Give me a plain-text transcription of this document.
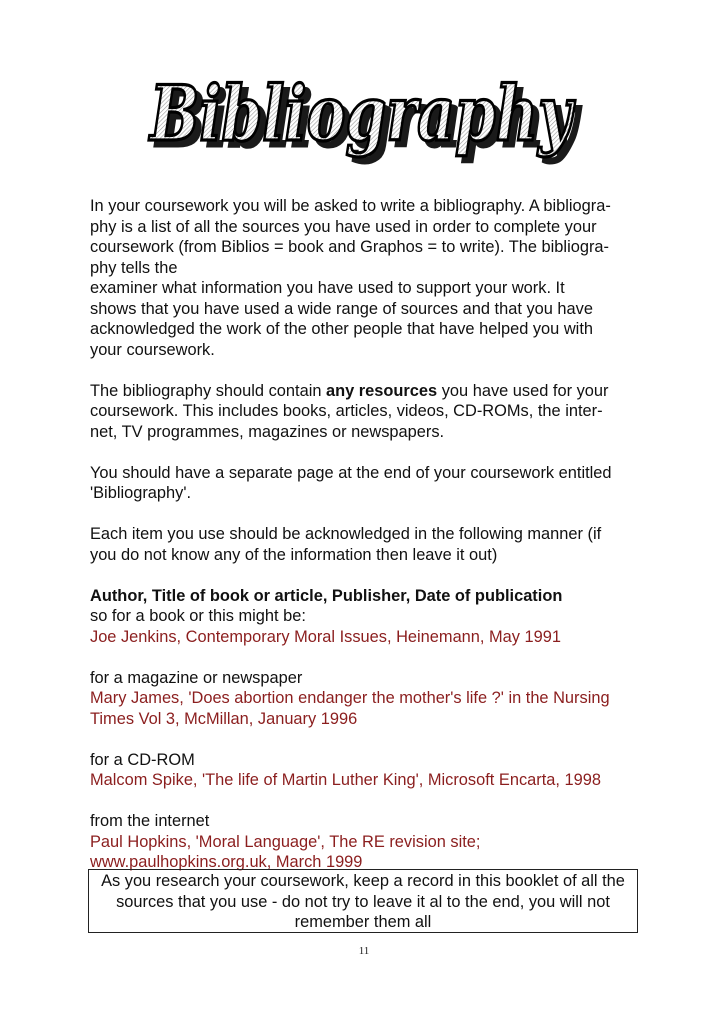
Bibliography
Bibliography

In your coursework you will be asked to write a bibliography. A bibliogra-
phy is a list of all the sources you have used in order to complete your
coursework (from Biblios = book and Graphos = to write). The bibliogra-
phy tells the
examiner what information you have used to support your work. It
shows that you have used a wide range of sources and that you have
acknowledged the work of the other people that have helped you with
your coursework.

The bibliography should contain any resources you have used for your
coursework. This includes books, articles, videos, CD-ROMs, the inter-
net, TV programmes, magazines or newspapers.

You should have a separate page at the end of your coursework entitled
'Bibliography'.

Each item you use should be acknowledged in the following manner (if
you do not know any of the information then leave it out)

Author, Title of book or article, Publisher, Date of publication
so for a book or this might be:
Joe Jenkins, Contemporary Moral Issues, Heinemann, May 1991

for a magazine or newspaper
Mary James, 'Does abortion endanger the mother's life ?' in the Nursing
Times Vol 3, McMillan, January 1996

for a CD-ROM
Malcom Spike, 'The life of Martin Luther King', Microsoft Encarta, 1998

from the internet
Paul Hopkins, 'Moral Language', The RE revision site;
www.paulhopkins.org.uk, March 1999

As you research your coursework, keep a record in this booklet of all the
sources that you use - do not try to leave it al to the end, you will not
remember them all
11
